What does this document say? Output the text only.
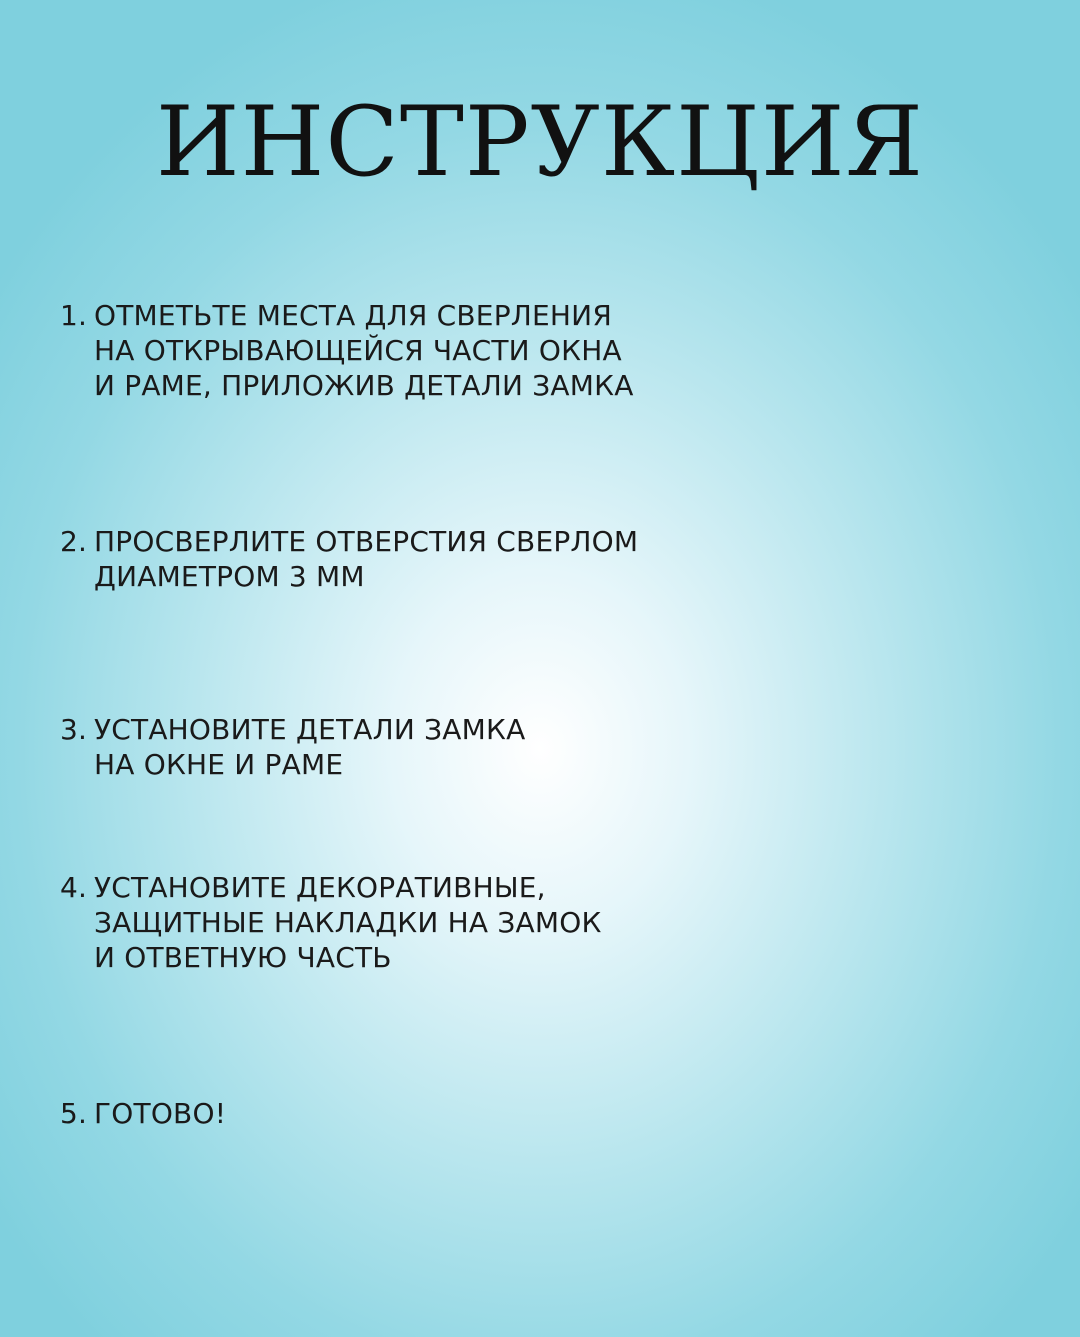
ИНСТРУКЦИЯ
1. ОТМЕТЬТЕ МЕСТА ДЛЯ СВЕРЛЕНИЯ
НА ОТКРЫВАЮЩЕЙСЯ ЧАСТИ ОКНА
И РАМЕ, ПРИЛОЖИВ ДЕТАЛИ ЗАМКА
2. ПРОСВЕРЛИТЕ ОТВЕРСТИЯ СВЕРЛОМ
ДИАМЕТРОМ 3 ММ
3. УСТАНОВИТЕ ДЕТАЛИ ЗАМКА
НА ОКНЕ И РАМЕ
4. УСТАНОВИТЕ ДЕКОРАТИВНЫЕ,
ЗАЩИТНЫЕ НАКЛАДКИ НА ЗАМОК
И ОТВЕТНУЮ ЧАСТЬ
5. ГОТОВО!
